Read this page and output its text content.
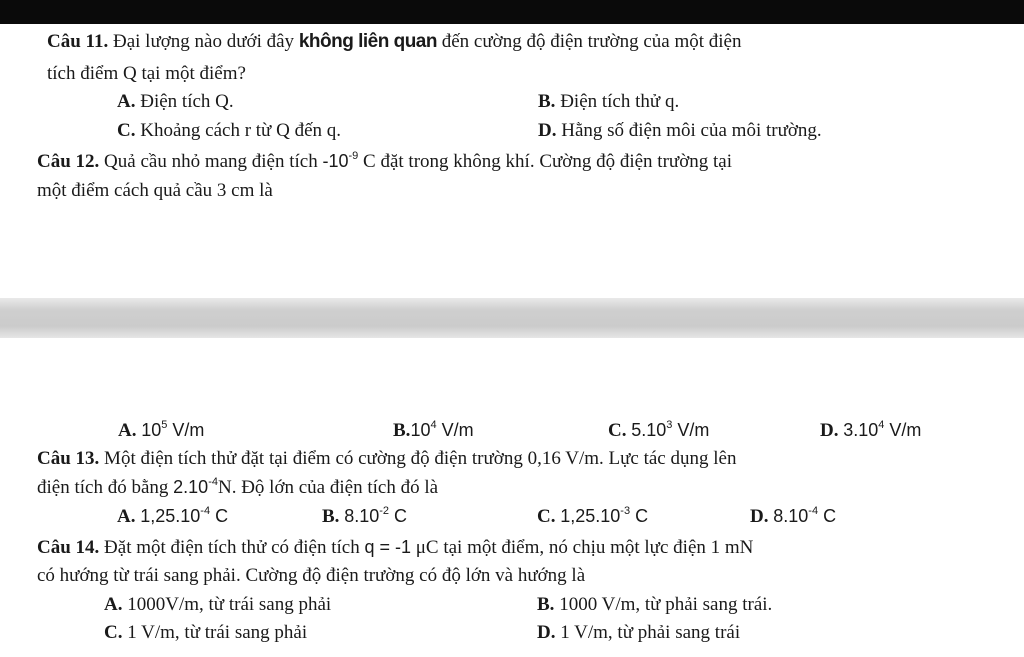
Câu 11. Đại lượng nào dưới đây không liên quan đến cường độ điện trường của một điện
tích điểm Q tại một điểm?
A. Điện tích Q.	B. Điện tích thử q.
C. Khoảng cách r từ Q đến q.	D. Hằng số điện môi của môi trường.
Câu 12. Quả cầu nhỏ mang điện tích $-10^{-9}$ C đặt trong không khí. Cường độ điện trường tại
một điểm cách quả cầu 3 cm là
A. $10^5$ V/m	$B.10^4$ V/m	C. 5.10$^3$ V/m	D. 3.10$^4$ V/m
Câu 13. Một điện tích thử đặt tại điểm có cường độ điện trường 0,16 V/m. Lực tác dụng lên
điện tích đó bằng $2.10^{-4}N$. Độ lớn của điện tích đó là
A. $1,25.10^{-4}$ C	B. $8.10^{-2}$ C	C. $1,25.10^{-3}$ C	D. $8.10^{-4}$ C
Câu 14. Đặt một điện tích thử có điện tích q = -1 μC tại một điểm, nó chịu một lực điện 1 mN
có hướng từ trái sang phải. Cường độ điện trường có độ lớn và hướng là
A. 1000V/m, từ trái sang phải	B. 1000 V/m, từ phải sang trái.
C. 1 V/m, từ trái sang phải	D. 1 V/m, từ phải sang trái
